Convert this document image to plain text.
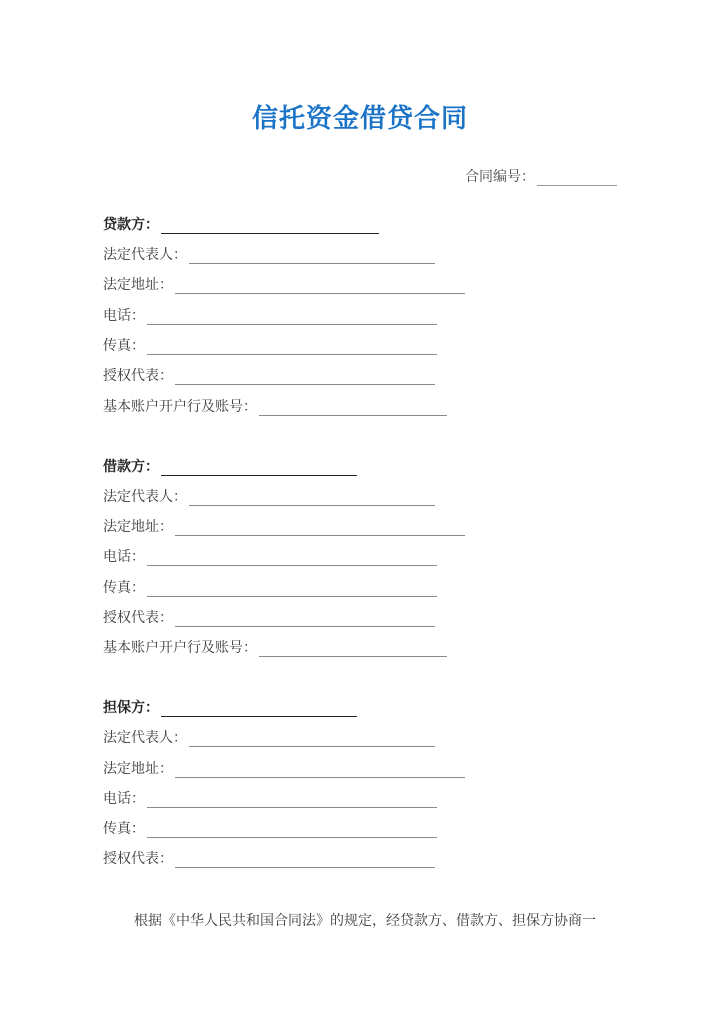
信托资金借贷合同
合同编号：
贷款方：
法定代表人：
法定地址：
电话：
传真：
授权代表：
基本账户开户行及账号：
借款方：
法定代表人：
法定地址：
电话：
传真：
授权代表：
基本账户开户行及账号：
担保方：
法定代表人：
法定地址：
电话：
传真：
授权代表：
根据《中华人民共和国合同法》的规定，经贷款方、借款方、担保方协商一
